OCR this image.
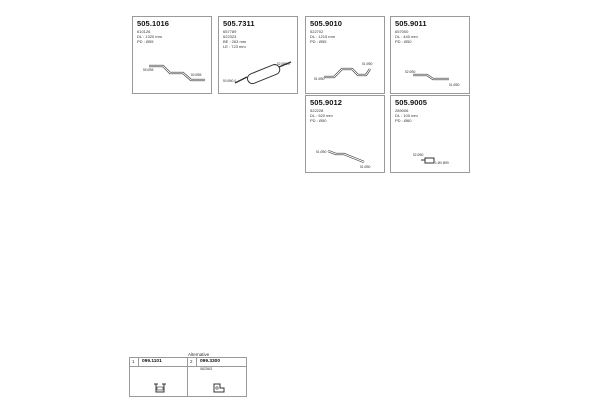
505.1016
610126
DL : 1320 mm
PD : Ø55
55 Ø55
50 Ø55
505.7311
657789
622323
BE : 263 mm
LE : 723 mm
50 Ø60.0
52 Ø60.0
505.9010
522702
DL : 1215 mm
PD : Ø55
51 Ø50
51 Ø50
505.9011
657000
DL : 440 mm
PD : Ø50
52 Ø50
51 Ø50
505.9012
522228
DL : 920 mm
PD : Ø50
51 Ø50
51 Ø50
505.9005
289006
DL : 100 mm
PD : Ø60
52 Ø50
1 Ø0 Ø59
Alternative
1 099.1101	2 099.3300
082563
